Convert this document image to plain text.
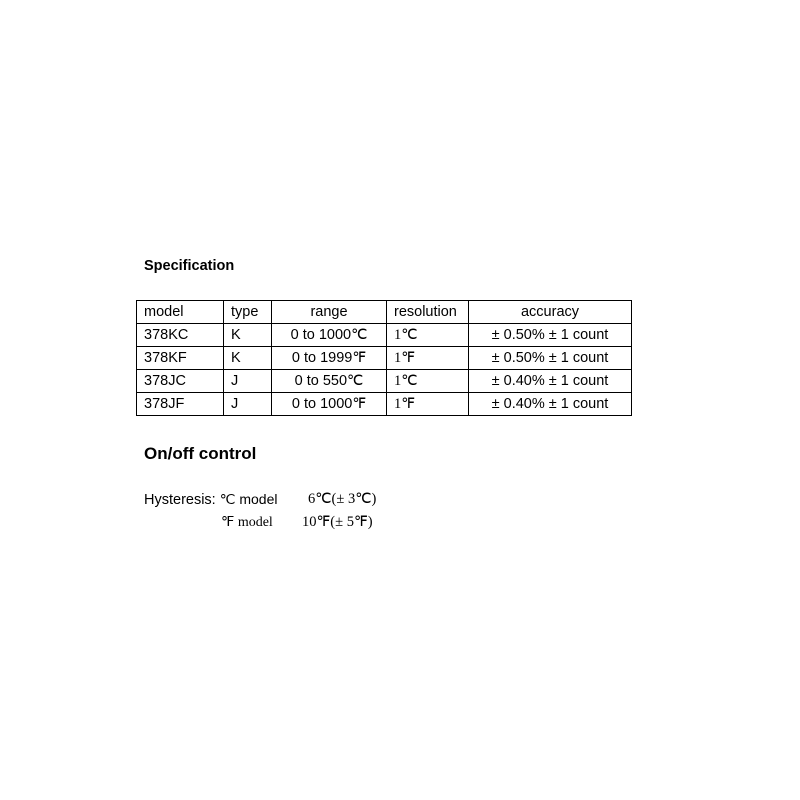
Specification
model	type	range	resolution	accuracy
378KC	K	0 to 1000℃	1℃	± 0.50% ± 1 count
378KF	K	0 to 1999℉	1℉	± 0.50% ± 1 count
378JC	J	0 to 550℃	1℃	± 0.40% ± 1 count
378JF	J	0 to 1000℉	1℉	± 0.40% ± 1 count
On/off control
Hysteresis: ℃ model 6℃(± 3℃)
℉ model 10℉(± 5℉)
